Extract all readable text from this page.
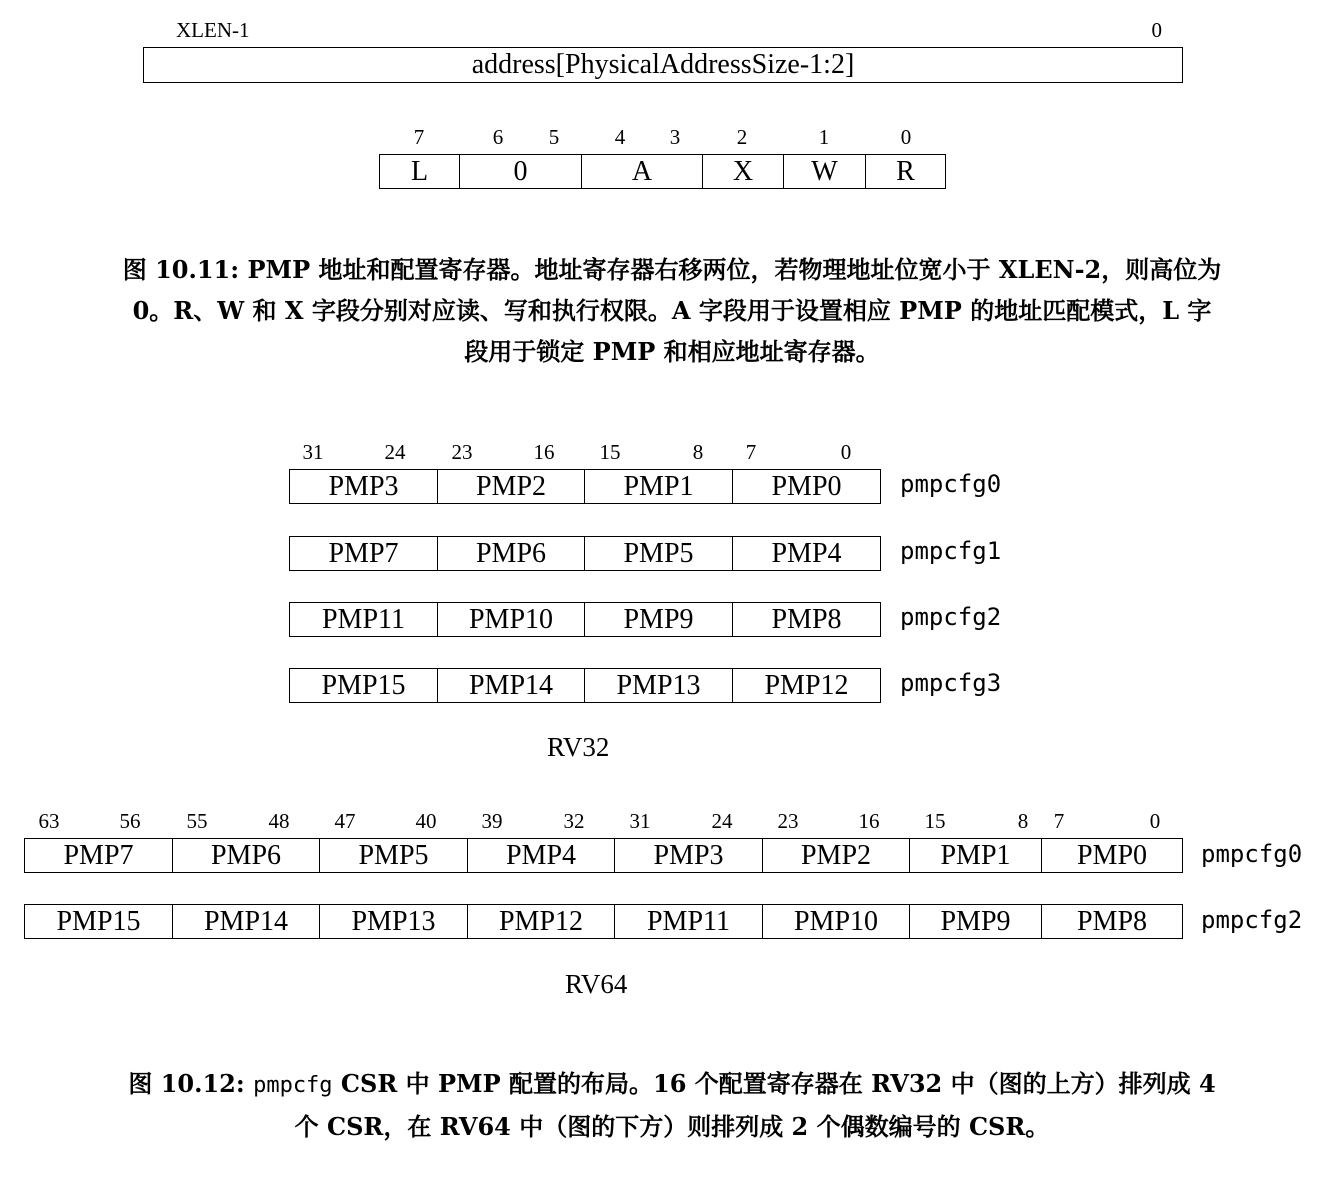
XLEN-1	0
address[PhysicalAddressSize-1:2]
7	6 5	4 3	2	1	0
L	0	A	X	W	R
图 10.11: PMP 地址和配置寄存器。地址寄存器右移两位，若物理地址位宽小于 XLEN-2，则高位为
0。R、W 和 X 字段分别对应读、写和执行权限。A 字段用于设置相应 PMP 的地址匹配模式，L 字
段用于锁定 PMP 和相应地址寄存器。
31	24 23	16 15	8 7	0
PMP3	PMP2	PMP1	PMP0	pmpcfg0
PMP7	PMP6	PMP5	PMP4	pmpcfg1
PMP11	PMP10	PMP9	PMP8	pmpcfg2
PMP15	PMP14	PMP13	PMP12	pmpcfg3
RV32
63	56 55	48 47	40 39	32 31	24 23	16 15	8 7	0
PMP7	PMP6	PMP5	PMP4	PMP3	PMP2	PMP1	PMP0	pmpcfg0
PMP15	PMP14	PMP13	PMP12	PMP11	PMP10	PMP9	PMP8	pmpcfg2
RV64
图 10.12: pmpcfg CSR 中 PMP 配置的布局。16 个配置寄存器在 RV32 中（图的上方）排列成 4
个 CSR，在 RV64 中（图的下方）则排列成 2 个偶数编号的 CSR。
